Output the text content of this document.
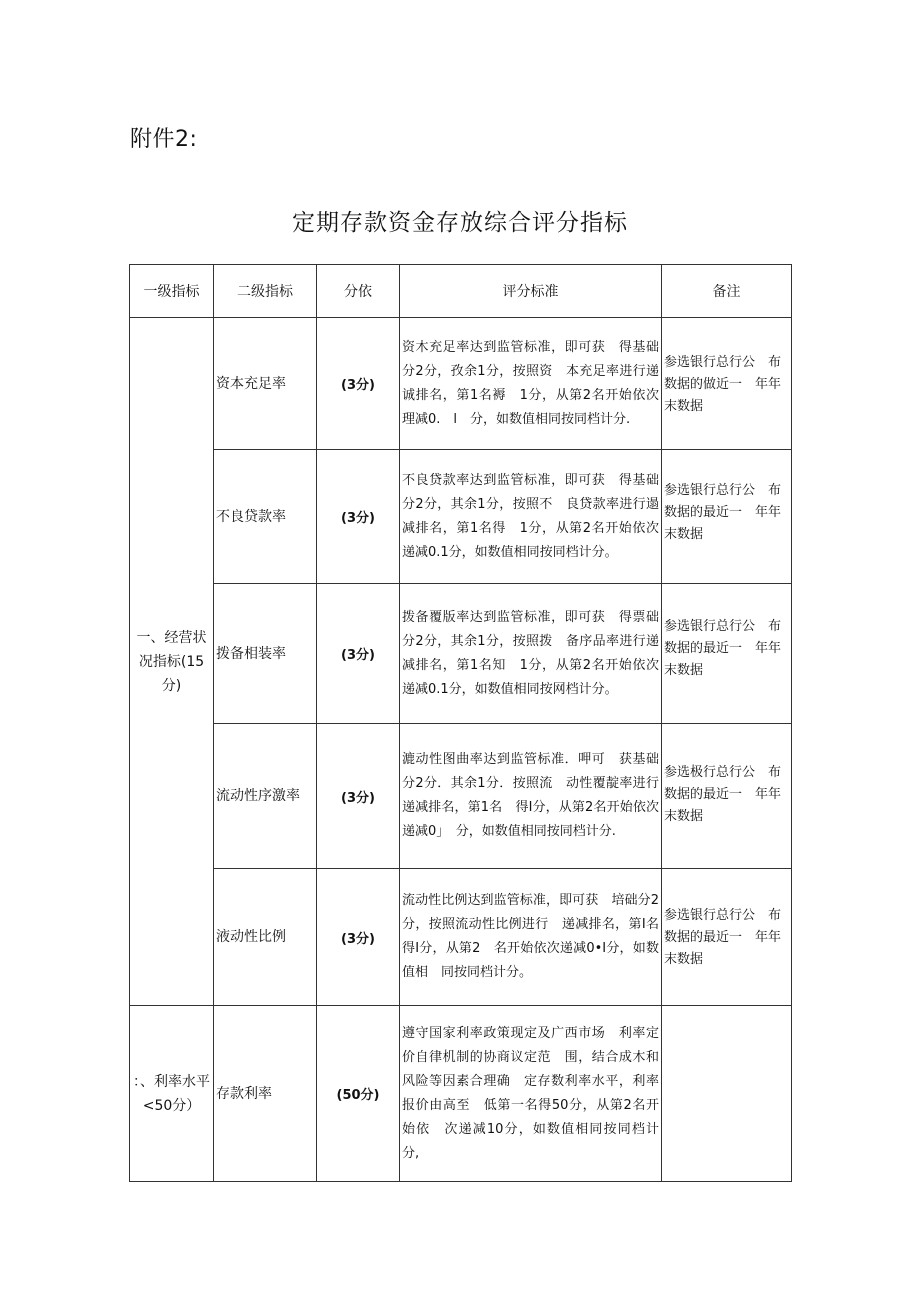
附件2:
定期存款资金存放综合评分指标
一级指标	二级指标	分依	评分标准	备注
一、经营状况指标(15分)	资本充足率	(3分)	资木充足率达到监管标准，即可获　得基础分2分，孜余1分，按照资　本充足率进行递诚排名，第1名褥　1分，从第2名开始依次理减0.　l　分，如数值相同按同档计分.	参选银行总行公　布数据的做近一　年年末数据

	不良贷款率	(3分)	不良贷款率达到监管标准，即可获　得基础分2分，其余1分，按照不　良贷款率进行遢减排名，第1名得　1分，从第2名开始依次递减0.1分，如数值相同按同档计分。	参选银行总行公　布数据的最近一　年年末数据

	拨备相装率	(3分)	拨备覆版率达到监管标准，即可获　得票础分2分，其余1分，按照拨　备序品率进行递减排名，第1名知　1分，从第2名开始依次递减0.1分，如数值相同按网档计分。	参选银行总行公　布数据的最近一　年年末数据

	流动性序激率	(3分)	漉动性图曲率达到监管标准．呷可　获基础分2分．其余1分．按照流　动性覆靛率进行递减排名，第1名　得I分，从第2名开始依次递减0」　分，如数值相同按同档计分.	参选极行总行公　布数据的最近一　年年末数据

	液动性比例	(3分)	流动性比例达到监管标准，即可获　培础分2分，按照流动性比例进行　递减排名，第I名得I分，从第2　名开始依次递减0•I分，如数值相　同按同档计分。	参选银行总行公　布数据的最近一　年年末数据

：、利率水平<50分）	存款利率	(50分)	遵守国家利率政策现定及广西市场　利率定价自律机制的协商议定范　围，结合成木和风险等因素合理确　定存数利率水平，利率报价由高至　低第一名得50分，从第2名开始依　次递减10分，如数值相同按同档计　分,	
